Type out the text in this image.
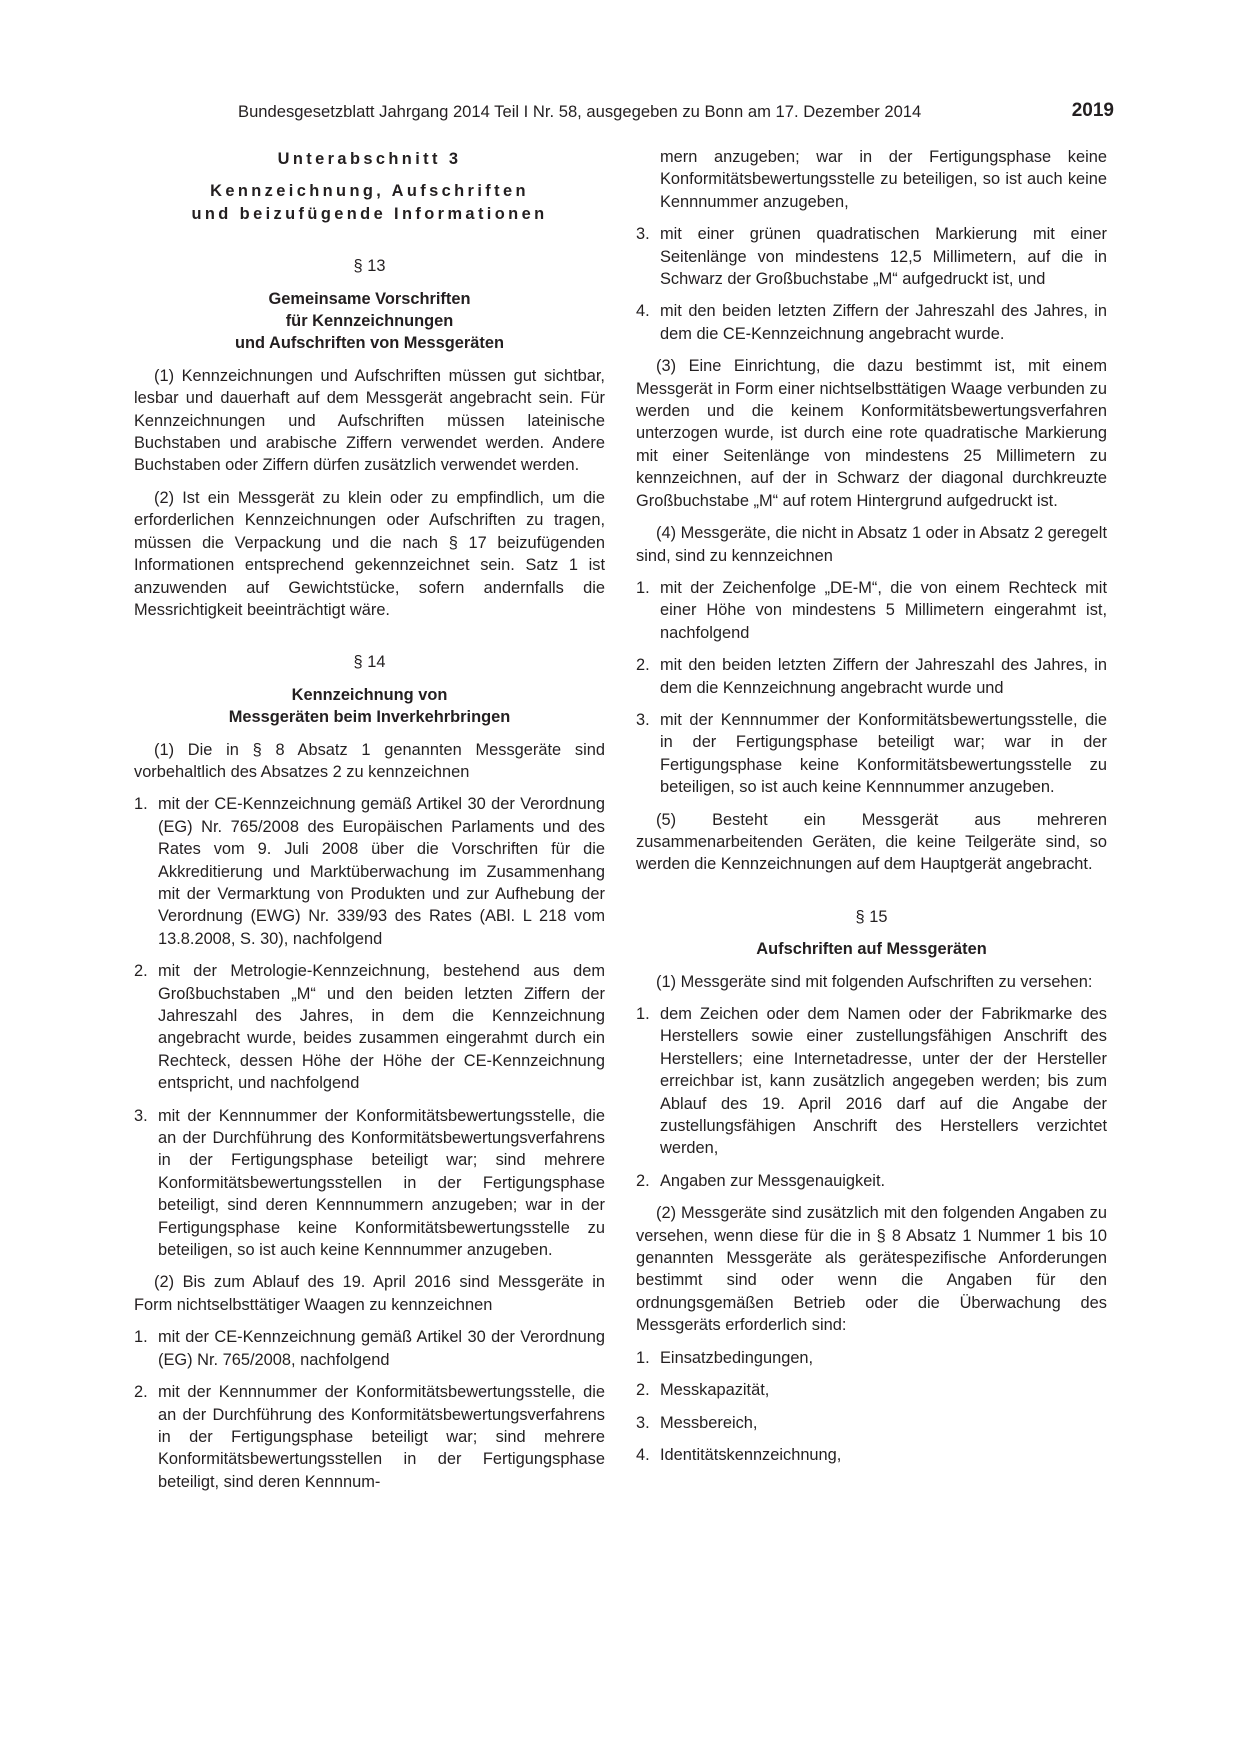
Bundesgesetzblatt Jahrgang 2014 Teil I Nr. 58, ausgegeben zu Bonn am 17. Dezember 2014	2019

Unterabschnitt 3

Kennzeichnung, Aufschriften

und beizufügende Informationen

§ 13

Gemeinsame Vorschriften
für Kennzeichnungen

und Aufschriften von Messgeräten

(1) Kennzeichnungen und Aufschriften müssen gut sichtbar, lesbar und dauerhaft auf dem Messgerät angebracht sein. Für Kennzeichnungen und Aufschriften müssen lateinische Buchstaben und arabische Ziffern verwendet werden. Andere Buchstaben oder Ziffern dürfen zusätzlich verwendet werden.

(2) Ist ein Messgerät zu klein oder zu empfindlich, um die erforderlichen Kennzeichnungen oder Aufschriften zu tragen, müssen die Verpackung und die nach § 17 beizufügenden Informationen entsprechend gekennzeichnet sein. Satz 1 ist anzuwenden auf Gewichtstücke, sofern andernfalls die Messrichtigkeit beeinträchtigt wäre.

§ 14

Kennzeichnung von

Messgeräten beim Inverkehrbringen

(1) Die in § 8 Absatz 1 genannten Messgeräte sind vorbehaltlich des Absatzes 2 zu kennzeichnen

1. mit der CE-Kennzeichnung gemäß Artikel 30 der Verordnung (EG) Nr. 765/2008 des Europäischen Parlaments und des Rates vom 9. Juli 2008 über die Vorschriften für die Akkreditierung und Marktüberwachung im Zusammenhang mit der Vermarktung von Produkten und zur Aufhebung der Verordnung (EWG) Nr. 339/93 des Rates (ABl. L 218 vom 13.8.2008, S. 30), nachfolgend
2. mit der Metrologie-Kennzeichnung, bestehend aus dem Großbuchstaben „M“ und den beiden letzten Ziffern der Jahreszahl des Jahres, in dem die Kennzeichnung angebracht wurde, beides zusammen eingerahmt durch ein Rechteck, dessen Höhe der Höhe der CE-Kennzeichnung entspricht, und nachfolgend
3. mit der Kennnummer der Konformitätsbewertungsstelle, die an der Durchführung des Konformitätsbewertungsverfahrens in der Fertigungsphase beteiligt war; sind mehrere Konformitätsbewertungsstellen in der Fertigungsphase beteiligt, sind deren Kennnummern anzugeben; war in der Fertigungsphase keine Konformitätsbewertungsstelle zu beteiligen, so ist auch keine Kennnummer anzugeben.

(2) Bis zum Ablauf des 19. April 2016 sind Messgeräte in Form nichtselbsttätiger Waagen zu kennzeichnen

1. mit der CE-Kennzeichnung gemäß Artikel 30 der Verordnung (EG) Nr. 765/2008, nachfolgend
2. mit der Kennnummer der Konformitätsbewertungsstelle, die an der Durchführung des Konformitätsbewertungsverfahrens in der Fertigungsphase beteiligt war; sind mehrere Konformitätsbewertungsstellen in der Fertigungsphase beteiligt, sind deren Kennnum-
mern anzugeben; war in der Fertigungsphase keine Konformitätsbewertungsstelle zu beteiligen, so ist auch keine Kennnummer anzugeben,
3. mit einer grünen quadratischen Markierung mit einer Seitenlänge von mindestens 12,5 Millimetern, auf die in Schwarz der Großbuchstabe „M“ aufgedruckt ist, und
4. mit den beiden letzten Ziffern der Jahreszahl des Jahres, in dem die CE-Kennzeichnung angebracht wurde.

(3) Eine Einrichtung, die dazu bestimmt ist, mit einem Messgerät in Form einer nichtselbsttätigen Waage verbunden zu werden und die keinem Konformitätsbewertungsverfahren unterzogen wurde, ist durch eine rote quadratische Markierung mit einer Seitenlänge von mindestens 25 Millimetern zu kennzeichnen, auf der in Schwarz der diagonal durchkreuzte Großbuchstabe „M“ auf rotem Hintergrund aufgedruckt ist.

(4) Messgeräte, die nicht in Absatz 1 oder in Absatz 2 geregelt sind, sind zu kennzeichnen

1. mit der Zeichenfolge „DE-M“, die von einem Rechteck mit einer Höhe von mindestens 5 Millimetern eingerahmt ist, nachfolgend
2. mit den beiden letzten Ziffern der Jahreszahl des Jahres, in dem die Kennzeichnung angebracht wurde und
3. mit der Kennnummer der Konformitätsbewertungsstelle, die in der Fertigungsphase beteiligt war; war in der Fertigungsphase keine Konformitätsbewertungsstelle zu beteiligen, so ist auch keine Kennnummer anzugeben.

(5) Besteht ein Messgerät aus mehreren zusammenarbeitenden Geräten, die keine Teilgeräte sind, so werden die Kennzeichnungen auf dem Hauptgerät angebracht.

§ 15

Aufschriften auf Messgeräten

(1) Messgeräte sind mit folgenden Aufschriften zu versehen:

1. dem Zeichen oder dem Namen oder der Fabrikmarke des Herstellers sowie einer zustellungsfähigen Anschrift des Herstellers; eine Internetadresse, unter der der Hersteller erreichbar ist, kann zusätzlich angegeben werden; bis zum Ablauf des 19. April 2016 darf auf die Angabe der zustellungsfähigen Anschrift des Herstellers verzichtet werden,
2. Angaben zur Messgenauigkeit.

(2) Messgeräte sind zusätzlich mit den folgenden Angaben zu versehen, wenn diese für die in § 8 Absatz 1 Nummer 1 bis 10 genannten Messgeräte als gerätespezifische Anforderungen bestimmt sind oder wenn die Angaben für den ordnungsgemäßen Betrieb oder die Überwachung des Messgeräts erforderlich sind:

1. Einsatzbedingungen,
2. Messkapazität,
3. Messbereich,
4. Identitätskennzeichnung,
